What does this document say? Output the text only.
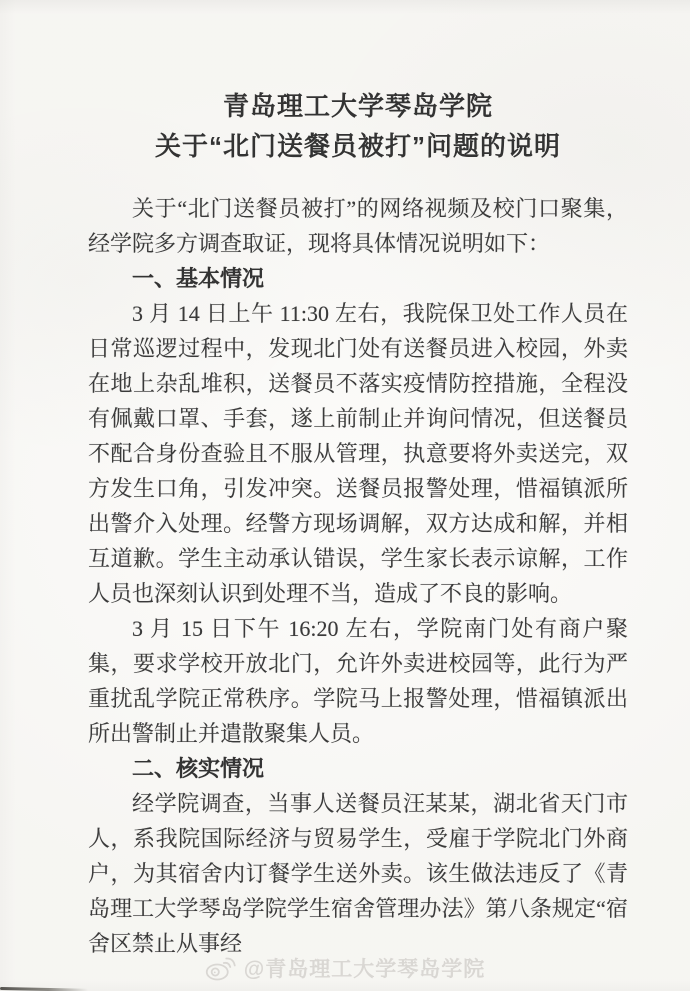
青岛理工大学琴岛学院
关于“北门送餐员被打”问题的说明

关于“北门送餐员被打”的网络视频及校门口聚集，经学院多方调查取证，现将具体情况说明如下：

一、基本情况

3 月 14 日上午 11:30 左右，我院保卫处工作人员在日常巡逻过程中，发现北门处有送餐员进入校园，外卖在地上杂乱堆积，送餐员不落实疫情防控措施，全程没有佩戴口罩、手套，遂上前制止并询问情况，但送餐员不配合身份查验且不服从管理，执意要将外卖送完，双方发生口角，引发冲突。送餐员报警处理，惜福镇派所出警介入处理。经警方现场调解，双方达成和解，并相互道歉。学生主动承认错误，学生家长表示谅解，工作人员也深刻认识到处理不当，造成了不良的影响。

3 月 15 日下午 16:20 左右，学院南门处有商户聚集，要求学校开放北门，允许外卖进校园等，此行为严重扰乱学院正常秩序。学院马上报警处理，惜福镇派出所出警制止并遣散聚集人员。

二、核实情况

经学院调查，当事人送餐员汪某某，湖北省天门市人，系我院国际经济与贸易学生，受雇于学院北门外商户，为其宿舍内订餐学生送外卖。该生做法违反了《青岛理工大学琴岛学院学生宿舍管理办法》第八条规定“宿舍区禁止从事经

@青岛理工大学琴岛学院
